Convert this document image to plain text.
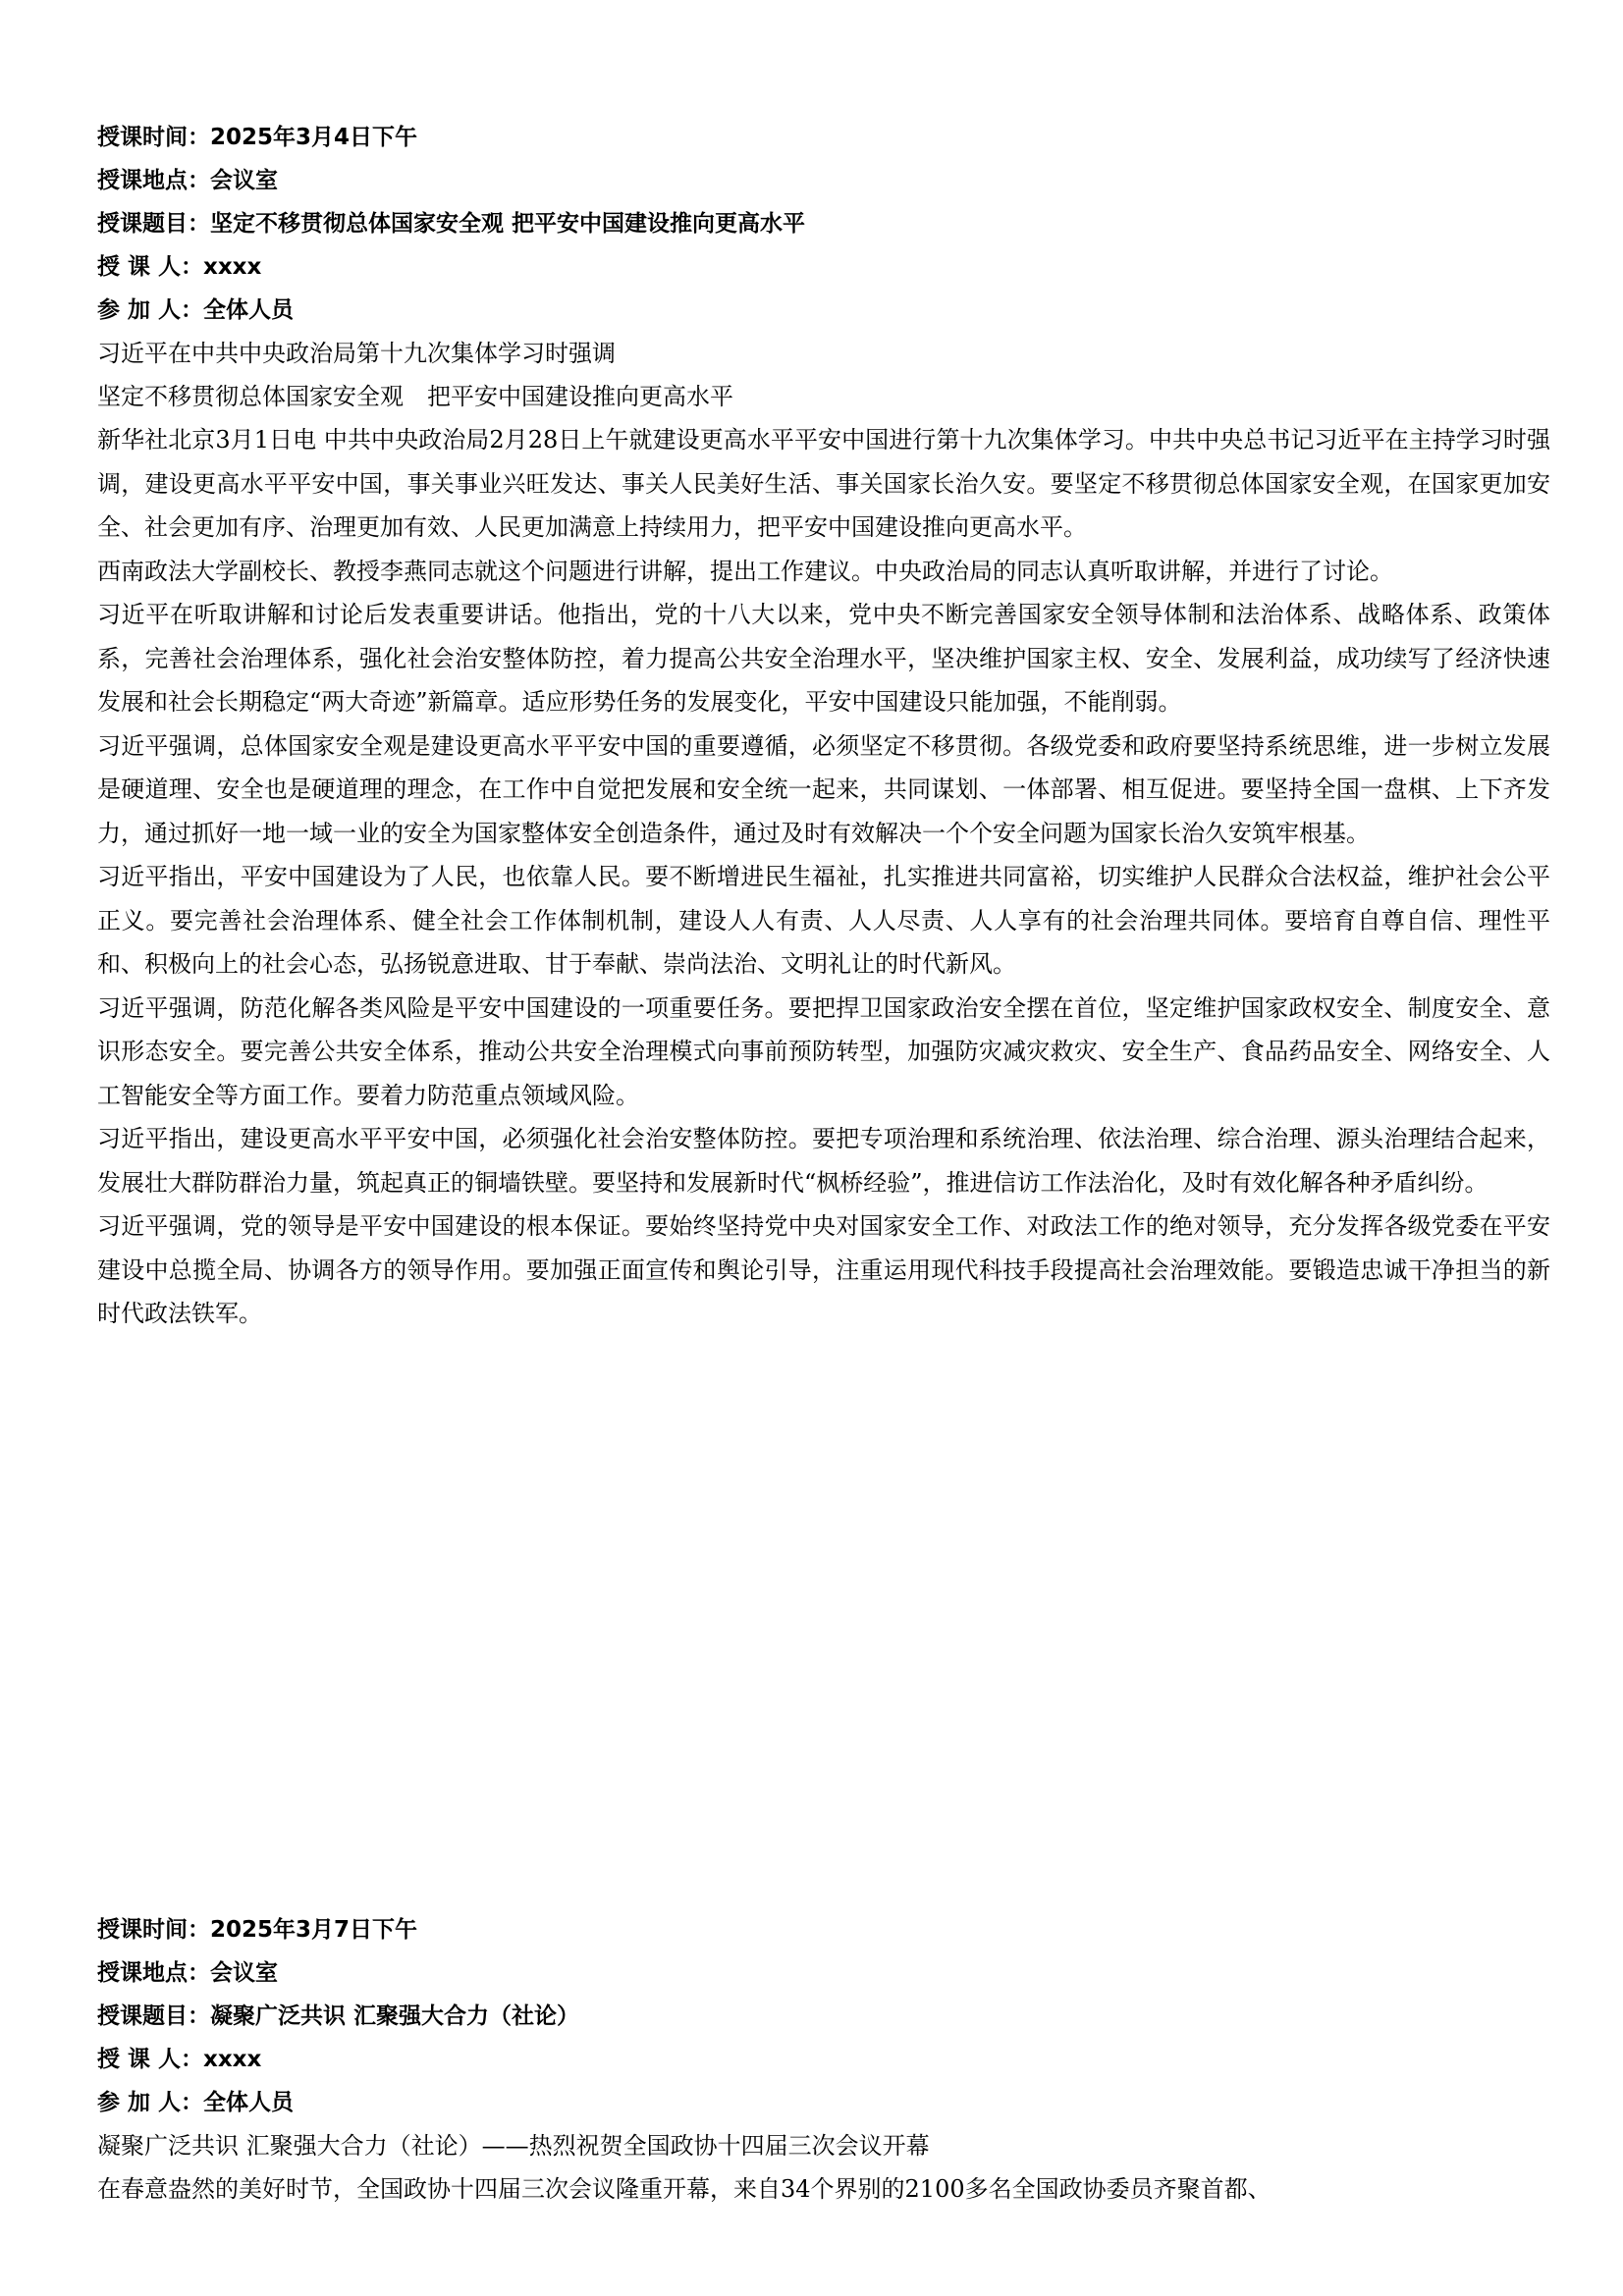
授课时间：2025年3月4日下午
授课地点：会议室
授课题目：坚定不移贯彻总体国家安全观 把平安中国建设推向更高水平
授 课 人：xxxx
参 加 人：全体人员
习近平在中共中央政治局第十九次集体学习时强调
坚定不移贯彻总体国家安全观　把平安中国建设推向更高水平
新华社北京3月1日电 中共中央政治局2月28日上午就建设更高水平平安中国进行第十九次集体学习。中共中央总书记习近平在主持学习时强调，建设更高水平平安中国，事关事业兴旺发达、事关人民美好生活、事关国家长治久安。要坚定不移贯彻总体国家安全观，在国家更加安全、社会更加有序、治理更加有效、人民更加满意上持续用力，把平安中国建设推向更高水平。
西南政法大学副校长、教授李燕同志就这个问题进行讲解，提出工作建议。中央政治局的同志认真听取讲解，并进行了讨论。
习近平在听取讲解和讨论后发表重要讲话。他指出，党的十八大以来，党中央不断完善国家安全领导体制和法治体系、战略体系、政策体系，完善社会治理体系，强化社会治安整体防控，着力提高公共安全治理水平，坚决维护国家主权、安全、发展利益，成功续写了经济快速发展和社会长期稳定“两大奇迹”新篇章。适应形势任务的发展变化，平安中国建设只能加强，不能削弱。
习近平强调，总体国家安全观是建设更高水平平安中国的重要遵循，必须坚定不移贯彻。各级党委和政府要坚持系统思维，进一步树立发展是硬道理、安全也是硬道理的理念，在工作中自觉把发展和安全统一起来，共同谋划、一体部署、相互促进。要坚持全国一盘棋、上下齐发力，通过抓好一地一域一业的安全为国家整体安全创造条件，通过及时有效解决一个个安全问题为国家长治久安筑牢根基。
习近平指出，平安中国建设为了人民，也依靠人民。要不断增进民生福祉，扎实推进共同富裕，切实维护人民群众合法权益，维护社会公平正义。要完善社会治理体系、健全社会工作体制机制，建设人人有责、人人尽责、人人享有的社会治理共同体。要培育自尊自信、理性平和、积极向上的社会心态，弘扬锐意进取、甘于奉献、崇尚法治、文明礼让的时代新风。
习近平强调，防范化解各类风险是平安中国建设的一项重要任务。要把捍卫国家政治安全摆在首位，坚定维护国家政权安全、制度安全、意识形态安全。要完善公共安全体系，推动公共安全治理模式向事前预防转型，加强防灾减灾救灾、安全生产、食品药品安全、网络安全、人工智能安全等方面工作。要着力防范重点领域风险。
习近平指出，建设更高水平平安中国，必须强化社会治安整体防控。要把专项治理和系统治理、依法治理、综合治理、源头治理结合起来，发展壮大群防群治力量，筑起真正的铜墙铁壁。要坚持和发展新时代“枫桥经验”，推进信访工作法治化，及时有效化解各种矛盾纠纷。
习近平强调，党的领导是平安中国建设的根本保证。要始终坚持党中央对国家安全工作、对政法工作的绝对领导，充分发挥各级党委在平安建设中总揽全局、协调各方的领导作用。要加强正面宣传和舆论引导，注重运用现代科技手段提高社会治理效能。要锻造忠诚干净担当的新时代政法铁军。
授课时间：2025年3月7日下午
授课地点：会议室
授课题目：凝聚广泛共识 汇聚强大合力（社论）
授 课 人：xxxx
参 加 人：全体人员
凝聚广泛共识 汇聚强大合力（社论）——热烈祝贺全国政协十四届三次会议开幕
在春意盎然的美好时节，全国政协十四届三次会议隆重开幕，来自34个界别的2100多名全国政协委员齐聚首都、
